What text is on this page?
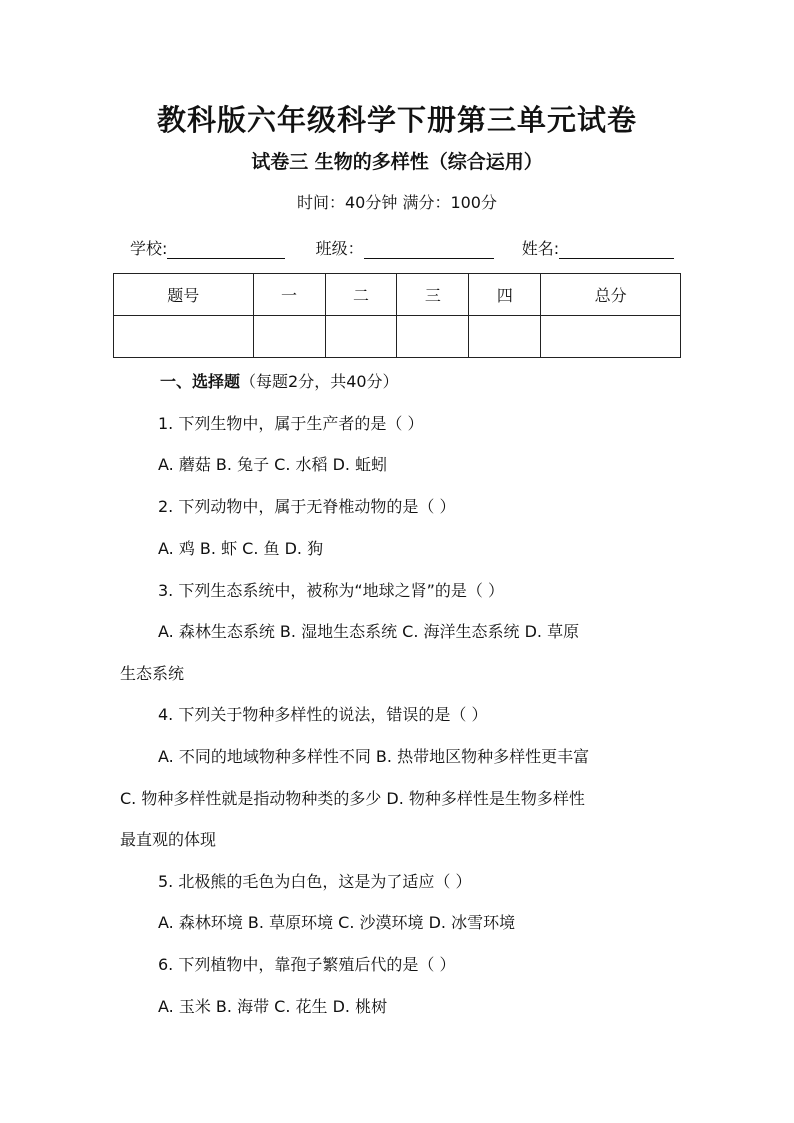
教科版六年级科学下册第三单元试卷
试卷三 生物的多样性（综合运用）
时间：40分钟 满分：100分
学校:	班级：	姓名:
题号	一	二	三	四	总分

一、选择题（每题2分，共40分）
1. 下列生物中，属于生产者的是（ ）
A. 蘑菇 B. 兔子 C. 水稻 D. 蚯蚓
2. 下列动物中，属于无脊椎动物的是（ ）
A. 鸡 B. 虾 C. 鱼 D. 狗
3. 下列生态系统中，被称为“地球之肾”的是（ ）
A. 森林生态系统 B. 湿地生态系统 C. 海洋生态系统 D. 草原
生态系统
4. 下列关于物种多样性的说法，错误的是（ ）
A. 不同的地域物种多样性不同 B. 热带地区物种多样性更丰富
C. 物种多样性就是指动物种类的多少 D. 物种多样性是生物多样性
最直观的体现
5. 北极熊的毛色为白色，这是为了适应（ ）
A. 森林环境 B. 草原环境 C. 沙漠环境 D. 冰雪环境
6. 下列植物中，靠孢子繁殖后代的是（ ）
A. 玉米 B. 海带 C. 花生 D. 桃树
